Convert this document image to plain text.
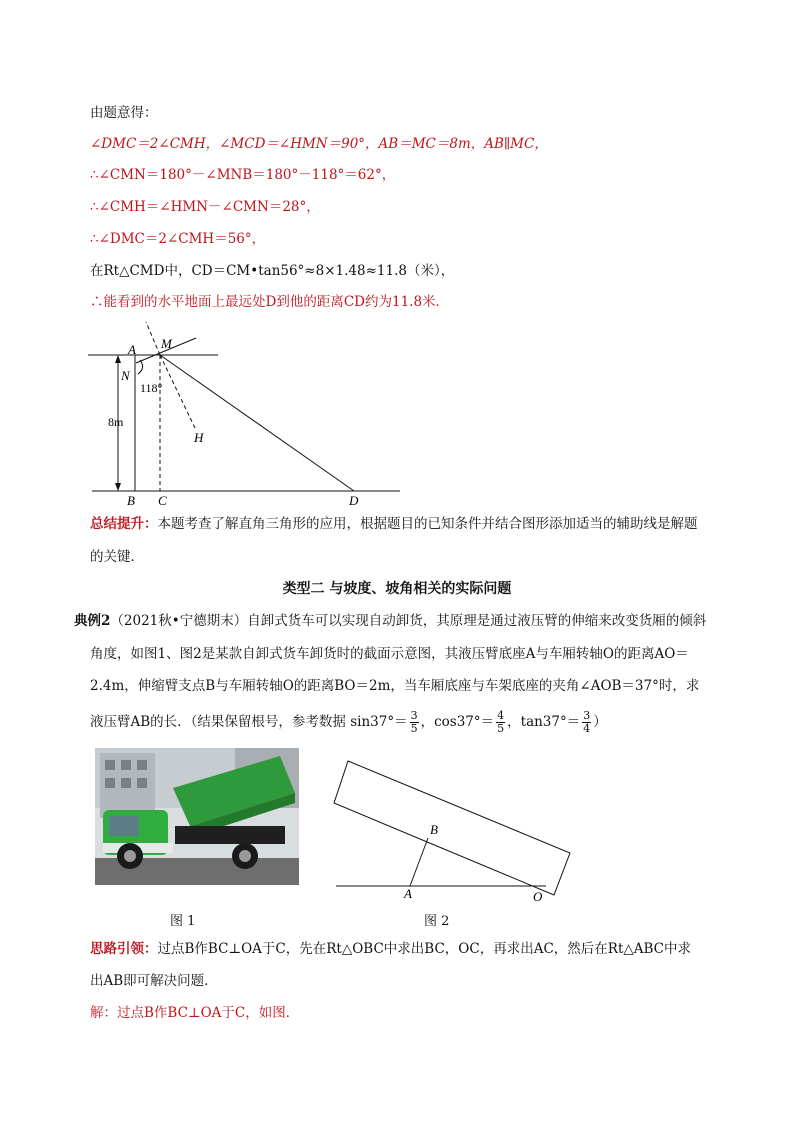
由题意得：
∠DMC＝2∠CMH，∠MCD＝∠HMN＝90°，AB＝MC＝8m，AB∥MC，
∴∠CMN＝180°－∠MNB＝180°－118°＝62°，
∴∠CMH＝∠HMN－∠CMN＝28°，
∴∠DMC＝2∠CMH＝56°，
在Rt△CMD中，CD＝CM•tan56°≈8×1.48≈11.8（米），
∴能看到的水平地面上最远处D到他的距离CD约为11.8米．
A M
N
118°
8m
H
B C	D
总结提升：本题考查了解直角三角形的应用，根据题目的已知条件并结合图形添加适当的辅助线是解题
的关键．
类型二 与坡度、坡角相关的实际问题
典例2（2021秋•宁德期末）自卸式货车可以实现自动卸货，其原理是通过液压臂的伸缩来改变货厢的倾斜
角度，如图1、图2是某款自卸式货车卸货时的截面示意图，其液压臂底座A与车厢转轴O的距离AO＝
2.4m，伸缩臂支点B与车厢转轴O的距离BO＝2m，当车厢底座与车架底座的夹角∠AOB＝37°时，求
液压臂AB的长．（结果保留根号，参考数据 $\sin 37^\circ= \frac{3}{5}$ ，$\cos 37^\circ= \frac{4}{5}$ ，$\tan 37^\circ= \frac{3}{4}$ ）
图 1
B
A	O
图 2
思路引领：过点B作BC⊥OA于C，先在Rt△OBC中求出BC，OC，再求出AC，然后在Rt△ABC中求
出AB即可解决问题．
解：过点B作BC⊥OA于C，如图．
